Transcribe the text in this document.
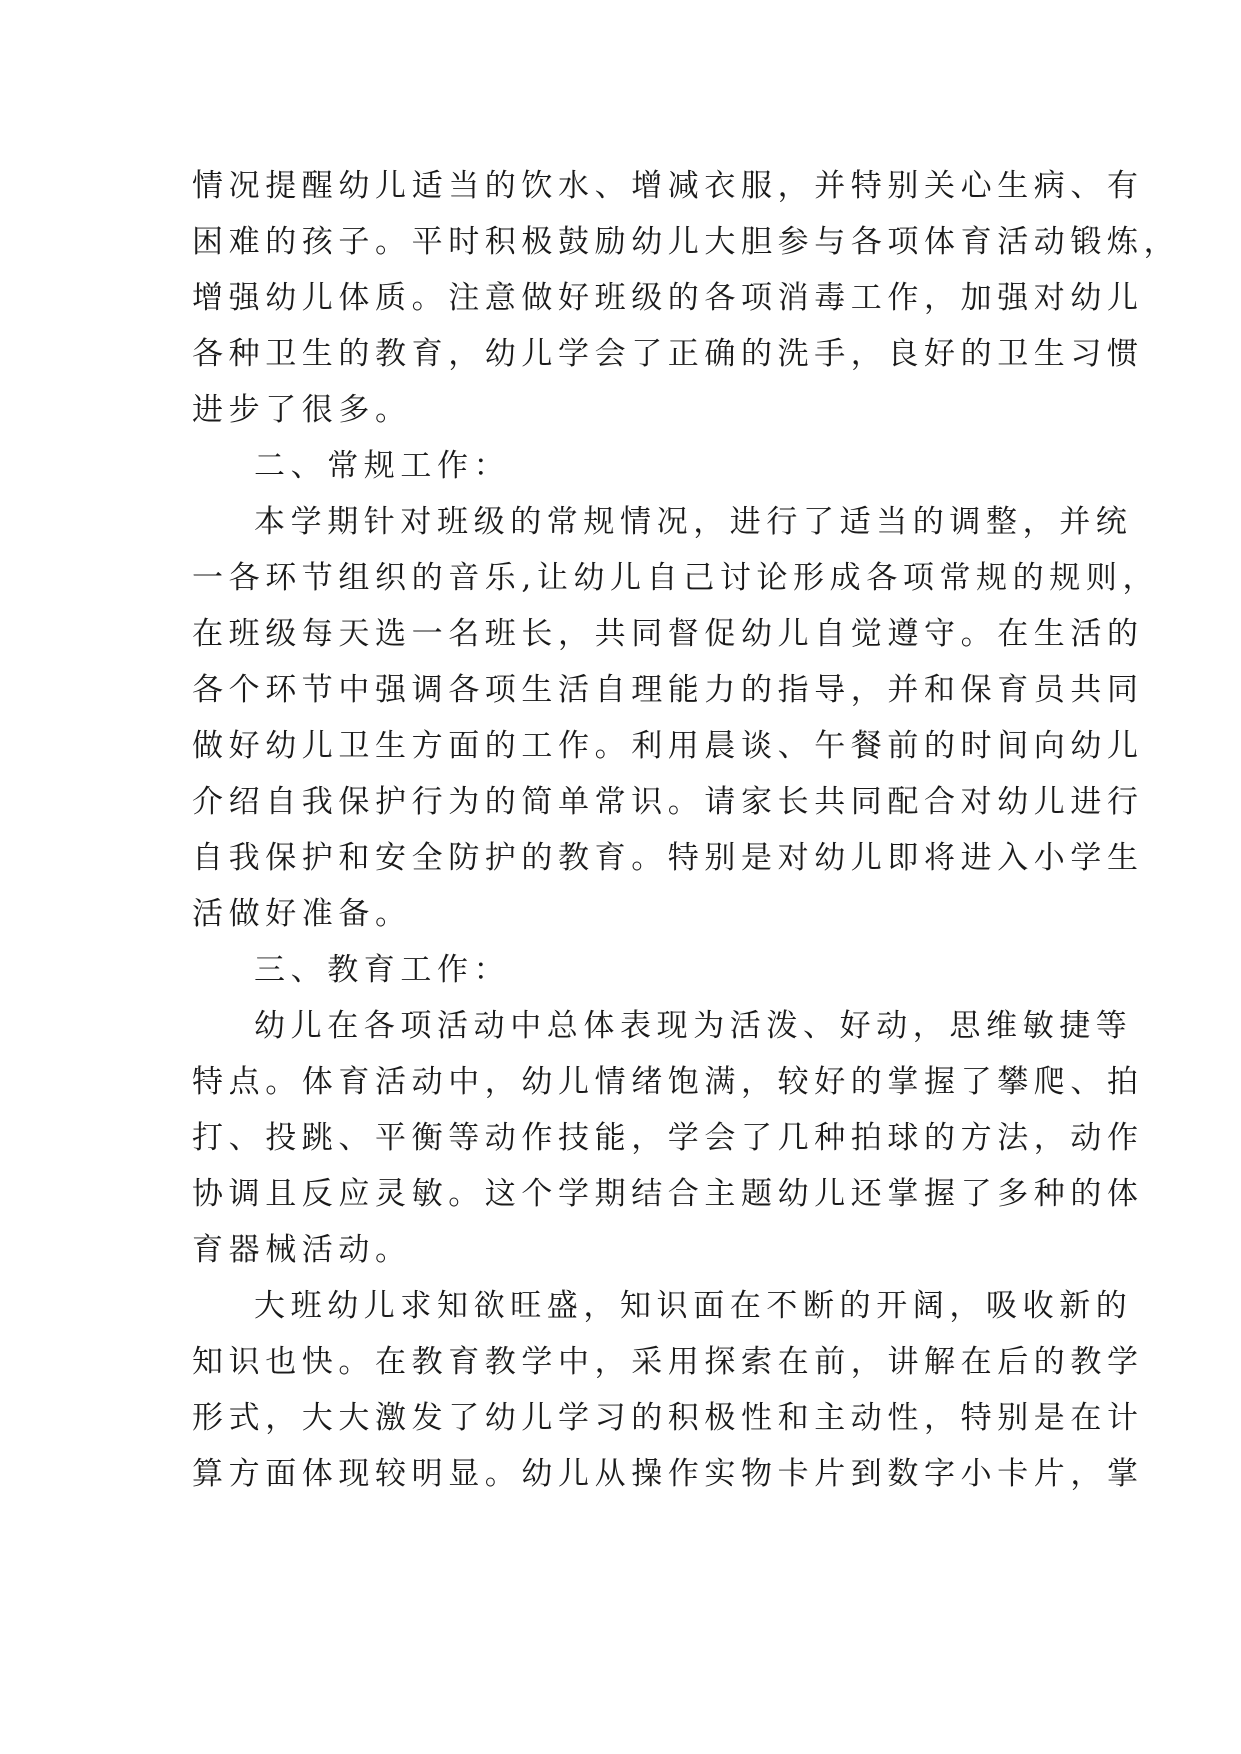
情况提醒幼儿适当的饮水、增减衣服，并特别关心生病、有
困难的孩子。平时积极鼓励幼儿大胆参与各项体育活动锻炼，
增强幼儿体质。注意做好班级的各项消毒工作，加强对幼儿
各种卫生的教育，幼儿学会了正确的洗手，良好的卫生习惯
进步了很多。
二、常规工作：
本学期针对班级的常规情况，进行了适当的调整，并统
一各环节组织的音乐,让幼儿自己讨论形成各项常规的规则，
在班级每天选一名班长，共同督促幼儿自觉遵守。在生活的
各个环节中强调各项生活自理能力的指导，并和保育员共同
做好幼儿卫生方面的工作。利用晨谈、午餐前的时间向幼儿
介绍自我保护行为的简单常识。请家长共同配合对幼儿进行
自我保护和安全防护的教育。特别是对幼儿即将进入小学生
活做好准备。
三、教育工作：
幼儿在各项活动中总体表现为活泼、好动，思维敏捷等
特点。体育活动中，幼儿情绪饱满，较好的掌握了攀爬、拍
打、投跳、平衡等动作技能，学会了几种拍球的方法，动作
协调且反应灵敏。这个学期结合主题幼儿还掌握了多种的体
育器械活动。
大班幼儿求知欲旺盛，知识面在不断的开阔，吸收新的
知识也快。在教育教学中，采用探索在前，讲解在后的教学
形式，大大激发了幼儿学习的积极性和主动性，特别是在计
算方面体现较明显。幼儿从操作实物卡片到数字小卡片，掌
